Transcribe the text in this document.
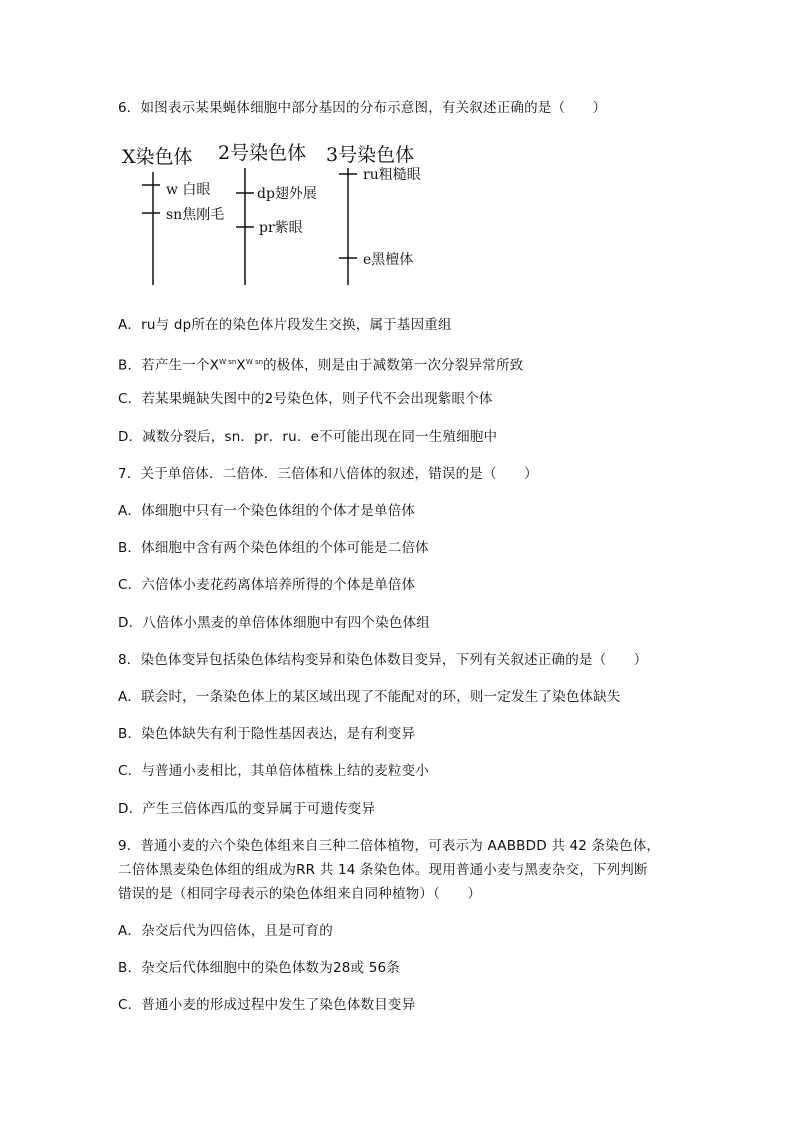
6．如图表示某果蝇体细胞中部分基因的分布示意图，有关叙述正确的是（　　）
X染色体 2号染色体 3号染色体
w 白眼
sn焦刚毛
dp翅外展
pr紫眼
ru粗糙眼
e黑檀体
A．ru与 dp所在的染色体片段发生交换，属于基因重组
B．若产生一个$X^{W sn}X^{W sn}$的极体，则是由于减数第一次分裂异常所致
C．若某果蝇缺失图中的2号染色体，则子代不会出现紫眼个体
D．减数分裂后，sn．pr．ru．e不可能出现在同一生殖细胞中
7．关于单倍体．二倍体．三倍体和八倍体的叙述，错误的是（　　）
A．体细胞中只有一个染色体组的个体才是单倍体
B．体细胞中含有两个染色体组的个体可能是二倍体
C．六倍体小麦花药离体培养所得的个体是单倍体
D．八倍体小黑麦的单倍体体细胞中有四个染色体组
8．染色体变异包括染色体结构变异和染色体数目变异，下列有关叙述正确的是（　　）
A．联会时，一条染色体上的某区域出现了不能配对的环，则一定发生了染色体缺失
B．染色体缺失有利于隐性基因表达，是有利变异
C．与普通小麦相比，其单倍体植株上结的麦粒变小
D．产生三倍体西瓜的变异属于可遗传变异
9．普通小麦的六个染色体组来自三种二倍体植物，可表示为 AABBDD 共 42 条染色体，
二倍体黑麦染色体组的组成为RR 共 14 条染色体。现用普通小麦与黑麦杂交，下列判断
错误的是（相同字母表示的染色体组来自同种植物）（　　）
A．杂交后代为四倍体，且是可育的
B．杂交后代体细胞中的染色体数为28或 56条
C．普通小麦的形成过程中发生了染色体数目变异
